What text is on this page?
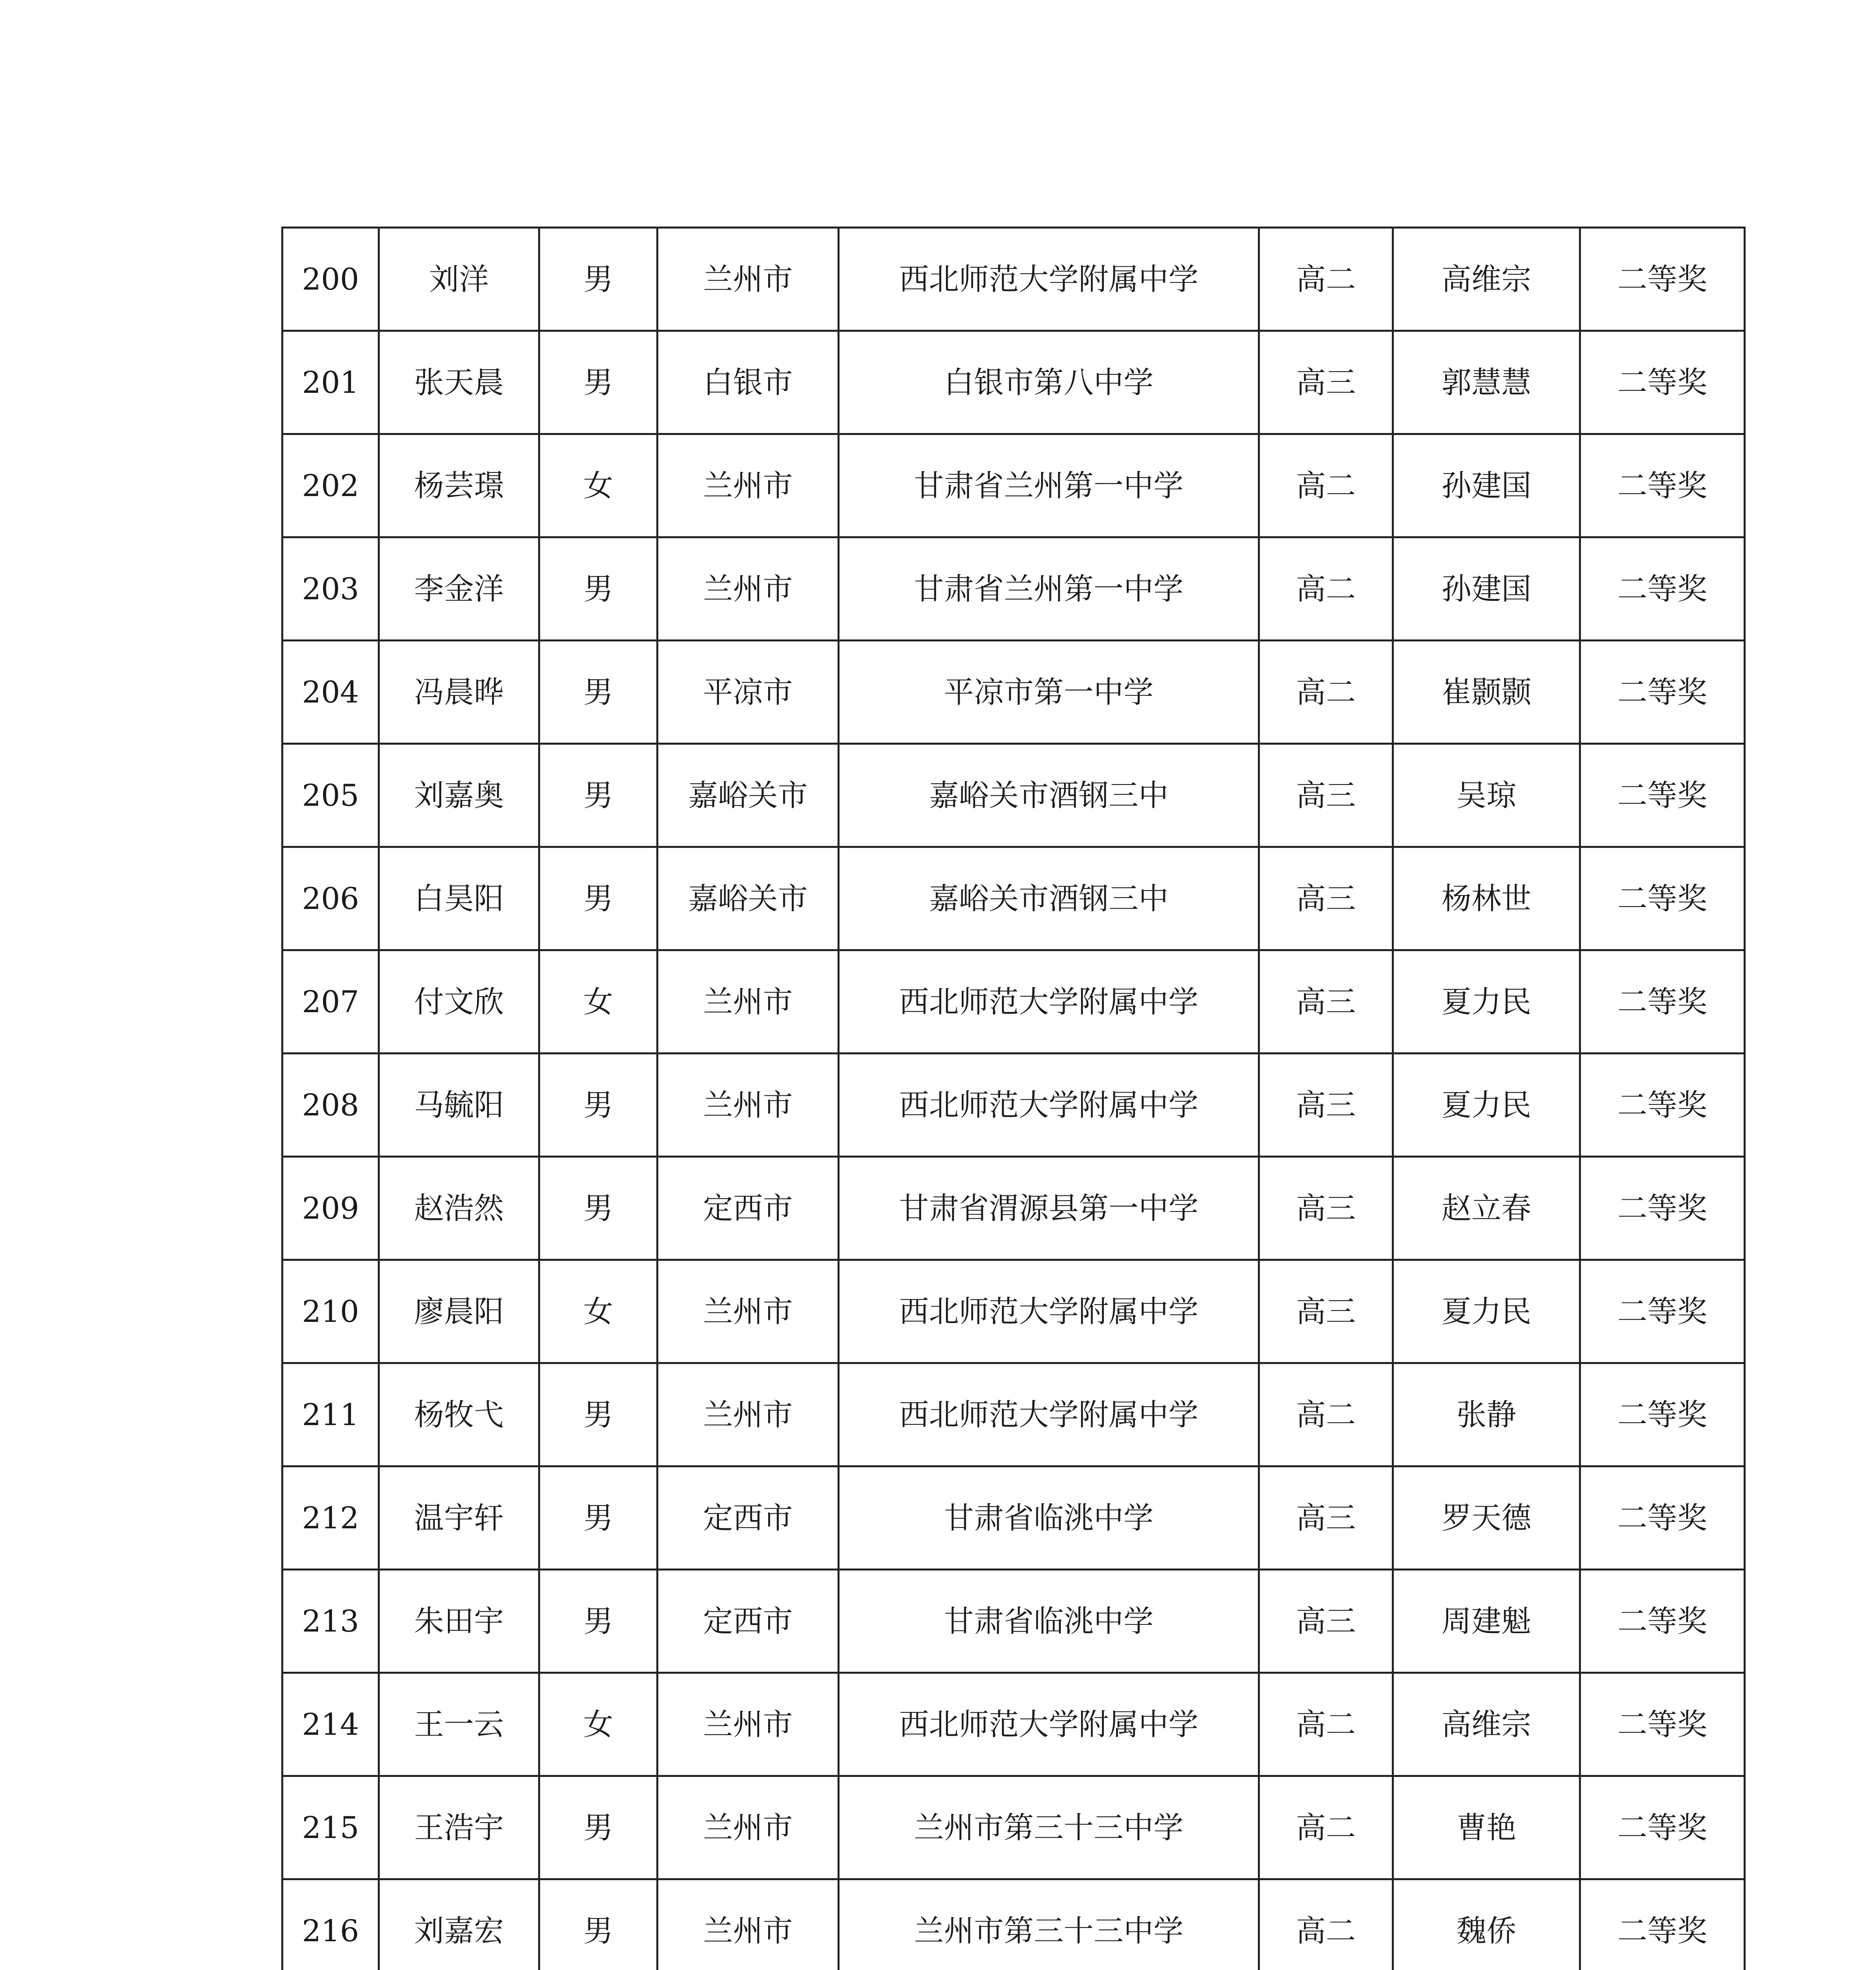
200	刘洋	男	兰州市	西北师范大学附属中学	高二	高维宗	二等奖
201	张天晨	男	白银市	白银市第八中学	高三	郭慧慧	二等奖
202	杨芸璟	女	兰州市	甘肃省兰州第一中学	高二	孙建国	二等奖
203	李金洋	男	兰州市	甘肃省兰州第一中学	高二	孙建国	二等奖
204	冯晨晔	男	平凉市	平凉市第一中学	高二	崔颢颢	二等奖
205	刘嘉奥	男	嘉峪关市	嘉峪关市酒钢三中	高三	吴琼	二等奖
206	白昊阳	男	嘉峪关市	嘉峪关市酒钢三中	高三	杨林世	二等奖
207	付文欣	女	兰州市	西北师范大学附属中学	高三	夏力民	二等奖
208	马毓阳	男	兰州市	西北师范大学附属中学	高三	夏力民	二等奖
209	赵浩然	男	定西市	甘肃省渭源县第一中学	高三	赵立春	二等奖
210	廖晨阳	女	兰州市	西北师范大学附属中学	高三	夏力民	二等奖
211	杨牧弋	男	兰州市	西北师范大学附属中学	高二	张静	二等奖
212	温宇轩	男	定西市	甘肃省临洮中学	高三	罗天德	二等奖
213	朱田宇	男	定西市	甘肃省临洮中学	高三	周建魁	二等奖
214	王一云	女	兰州市	西北师范大学附属中学	高二	高维宗	二等奖
215	王浩宇	男	兰州市	兰州市第三十三中学	高二	曹艳	二等奖
216	刘嘉宏	男	兰州市	兰州市第三十三中学	高二	魏侨	二等奖
